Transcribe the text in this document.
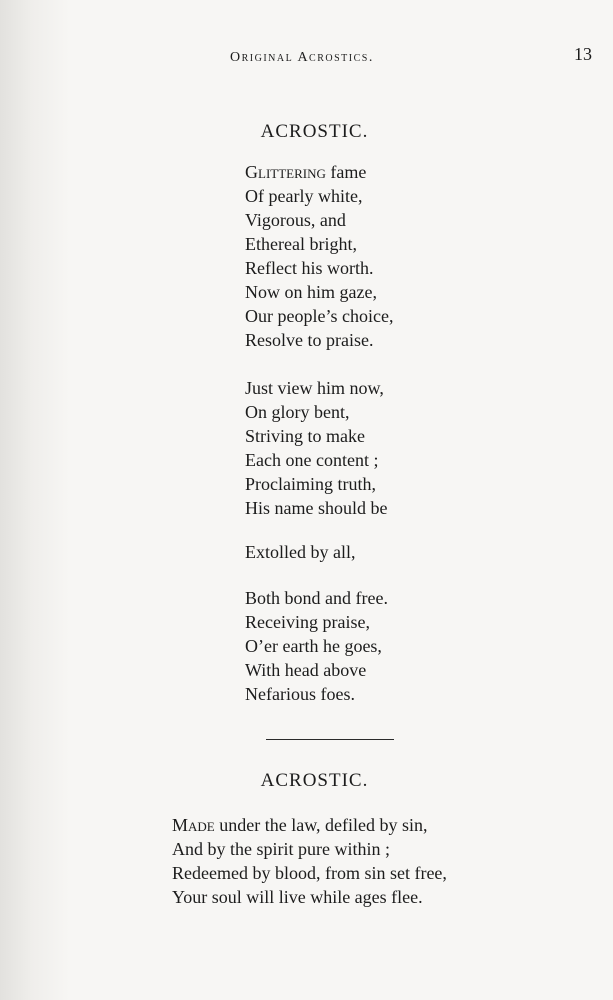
Original Acrostics.	13
ACROSTIC.
Glittering fame
Of pearly white,
Vigorous, and
Ethereal bright,
Reflect his worth.
Now on him gaze,
Our people’s choice,
Resolve to praise.
Just view him now,
On glory bent,
Striving to make
Each one content ;
Proclaiming truth,
His name should be
Extolled by all,
Both bond and free.
Receiving praise,
O’er earth he goes,
With head above
Nefarious foes.
ACROSTIC.
Made under the law, defiled by sin,
And by the spirit pure within ;
Redeemed by blood, from sin set free,
Your soul will live while ages flee.
